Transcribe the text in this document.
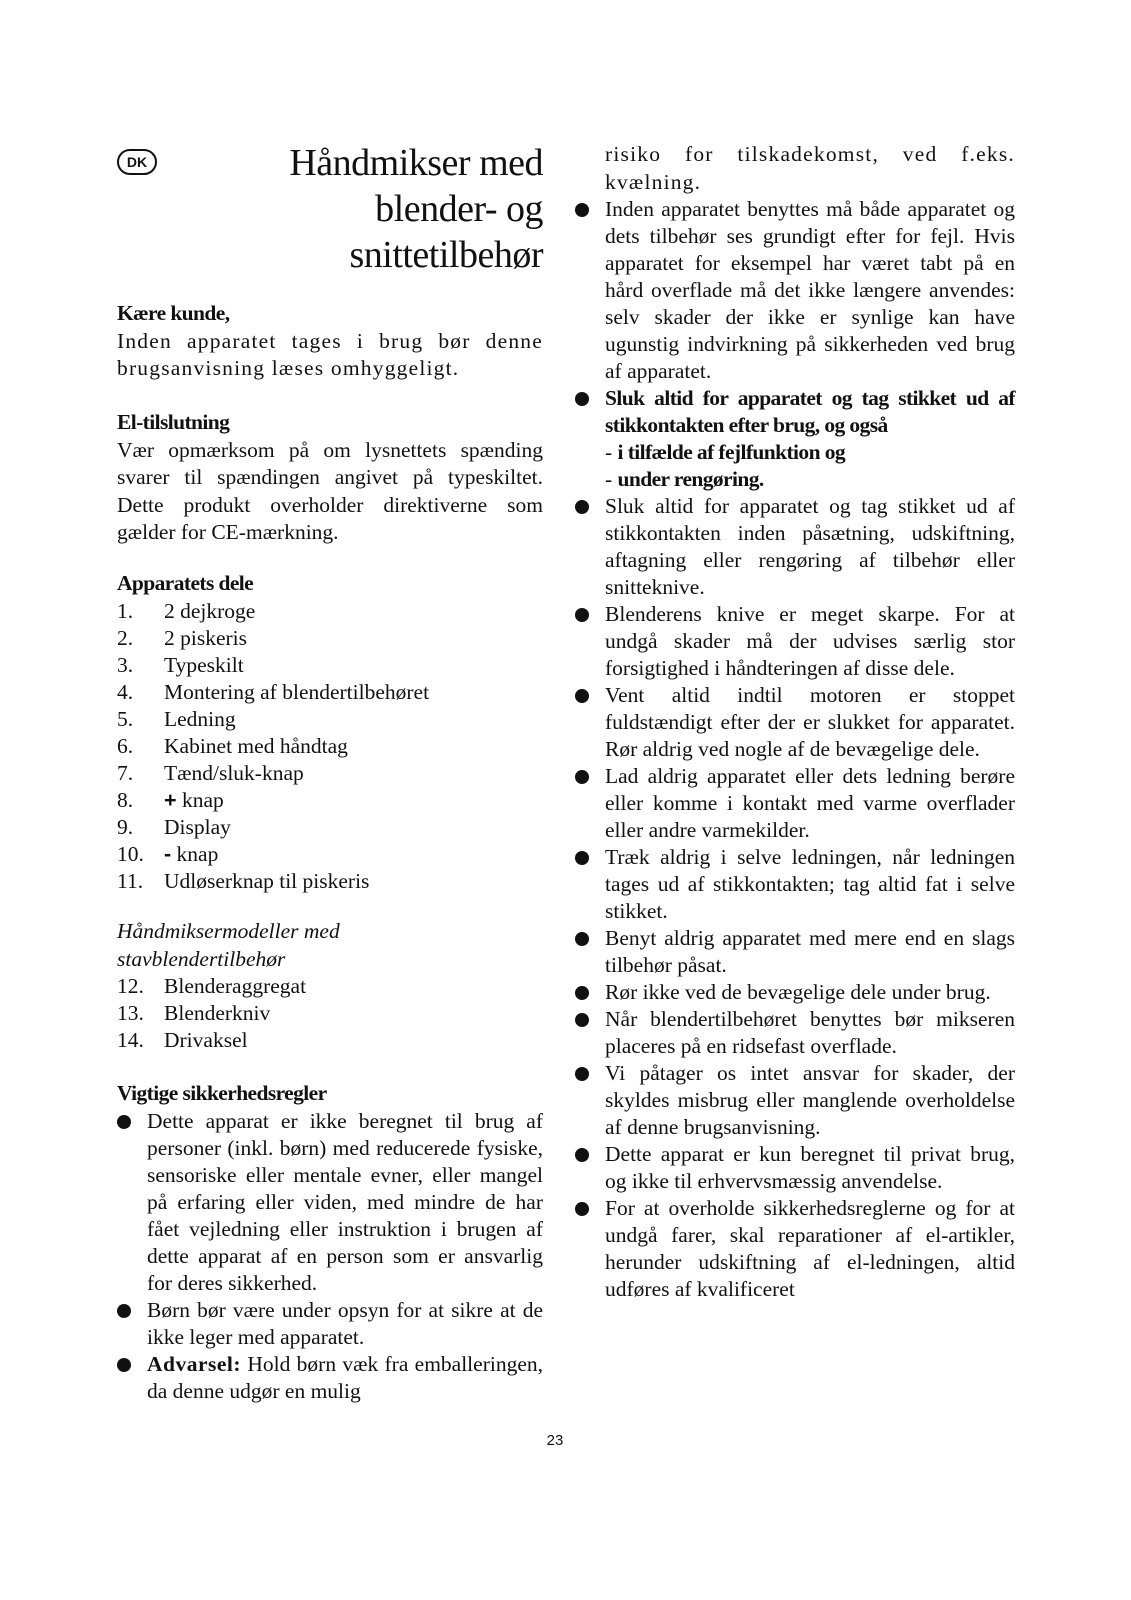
DK	Håndmikser med
blender- og
snittetilbehør
Kære kunde,
Inden apparatet tages i brug bør denne brugsanvisning læses omhyggeligt.
El-tilslutning
Vær opmærksom på om lysnettets spænding svarer til spændingen angivet på typeskiltet. Dette produkt overholder direktiverne som gælder for CE-mærkning.
Apparatets dele
1. 2 dejkroge
2. 2 piskeris
3. Typeskilt
4. Montering af blendertilbehøret
5. Ledning
6. Kabinet med håndtag
7. Tænd/sluk-knap
8. + knap
9. Display
10. - knap
11. Udløserknap til piskeris
Håndmiksermodeller med stavblendertilbehør
12. Blenderaggregat
13. Blenderkniv
14. Drivaksel
Vigtige sikkerhedsregler
Dette apparat er ikke beregnet til brug af personer (inkl. børn) med reducerede fysiske, sensoriske eller mentale evner, eller mangel på erfaring eller viden, med mindre de har fået vejledning eller instruktion i brugen af dette apparat af en person som er ansvarlig for deres sikkerhed.
Børn bør være under opsyn for at sikre at de ikke leger med apparatet.
Advarsel: Hold børn væk fra emballeringen, da denne udgør en mulig
risiko for tilskadekomst, ved f.eks. kvælning.
Inden apparatet benyttes må både apparatet og dets tilbehør ses grundigt efter for fejl. Hvis apparatet for eksempel har været tabt på en hård overflade må det ikke længere anvendes: selv skader der ikke er synlige kan have ugunstig indvirkning på sikkerheden ved brug af apparatet.
Sluk altid for apparatet og tag stikket ud af stikkontakten efter brug, og også
- i tilfælde af fejlfunktion og
- under rengøring.
Sluk altid for apparatet og tag stikket ud af stikkontakten inden påsætning, udskiftning, aftagning eller rengøring af tilbehør eller snitteknive.
Blenderens knive er meget skarpe. For at undgå skader må der udvises særlig stor forsigtighed i håndteringen af disse dele.
Vent altid indtil motoren er stoppet fuldstændigt efter der er slukket for apparatet. Rør aldrig ved nogle af de bevægelige dele.
Lad aldrig apparatet eller dets ledning berøre eller komme i kontakt med varme overflader eller andre varmekilder.
Træk aldrig i selve ledningen, når ledningen tages ud af stikkontakten; tag altid fat i selve stikket.
Benyt aldrig apparatet med mere end en slags tilbehør påsat.
Rør ikke ved de bevægelige dele under brug.
Når blendertilbehøret benyttes bør mikseren placeres på en ridsefast overflade.
Vi påtager os intet ansvar for skader, der skyldes misbrug eller manglende overholdelse af denne brugsanvisning.
Dette apparat er kun beregnet til privat brug, og ikke til erhvervsmæssig anvendelse.
For at overholde sikkerhedsreglerne og for at undgå farer, skal reparationer af el-artikler, herunder udskiftning af el-ledningen, altid udføres af kvalificeret
23
